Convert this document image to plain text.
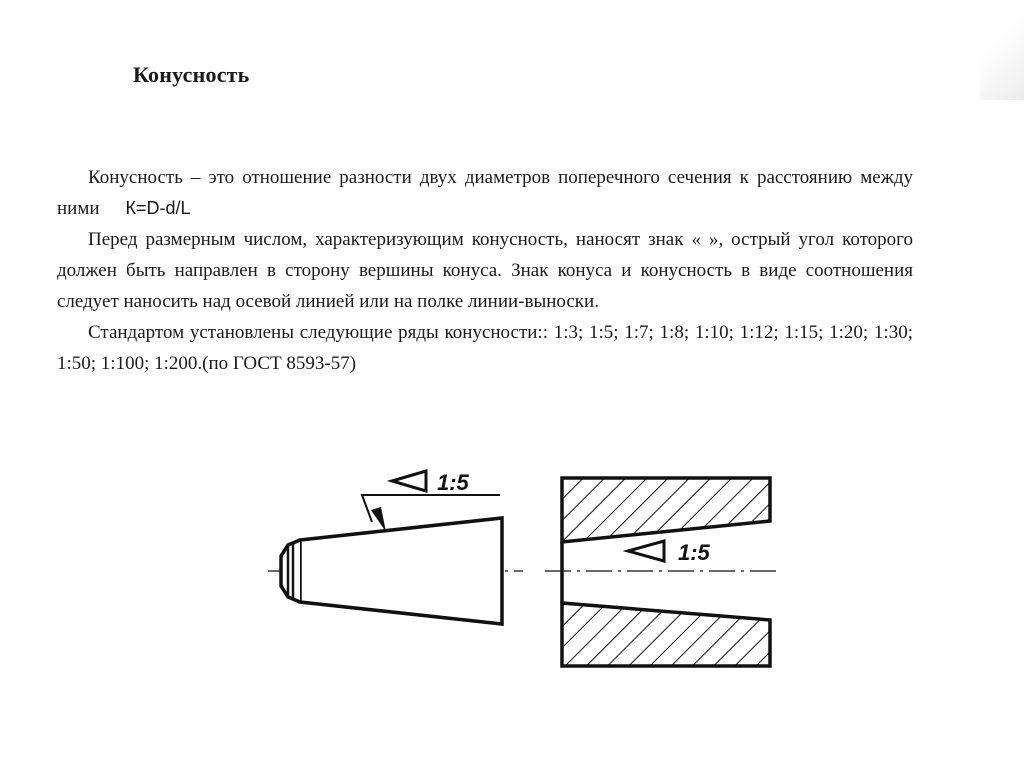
Конусность

Конусность – это отношение разности двух диаметров поперечного сечения к расстоянию между ними К=D-d/L

Перед размерным числом, характеризующим конусность, наносят знак « », острый угол которого должен быть направлен в сторону вершины конуса. Знак конуса и конусность в виде соотношения следует наносить над осевой линией или на полке линии-выноски.

Стандартом установлены следующие ряды конусности:: 1:3; 1:5; 1:7; 1:8; 1:10; 1:12; 1:15; 1:20; 1:30; 1:50; 1:100; 1:200.(по ГОСТ 8593-57)

1:5
1:5
